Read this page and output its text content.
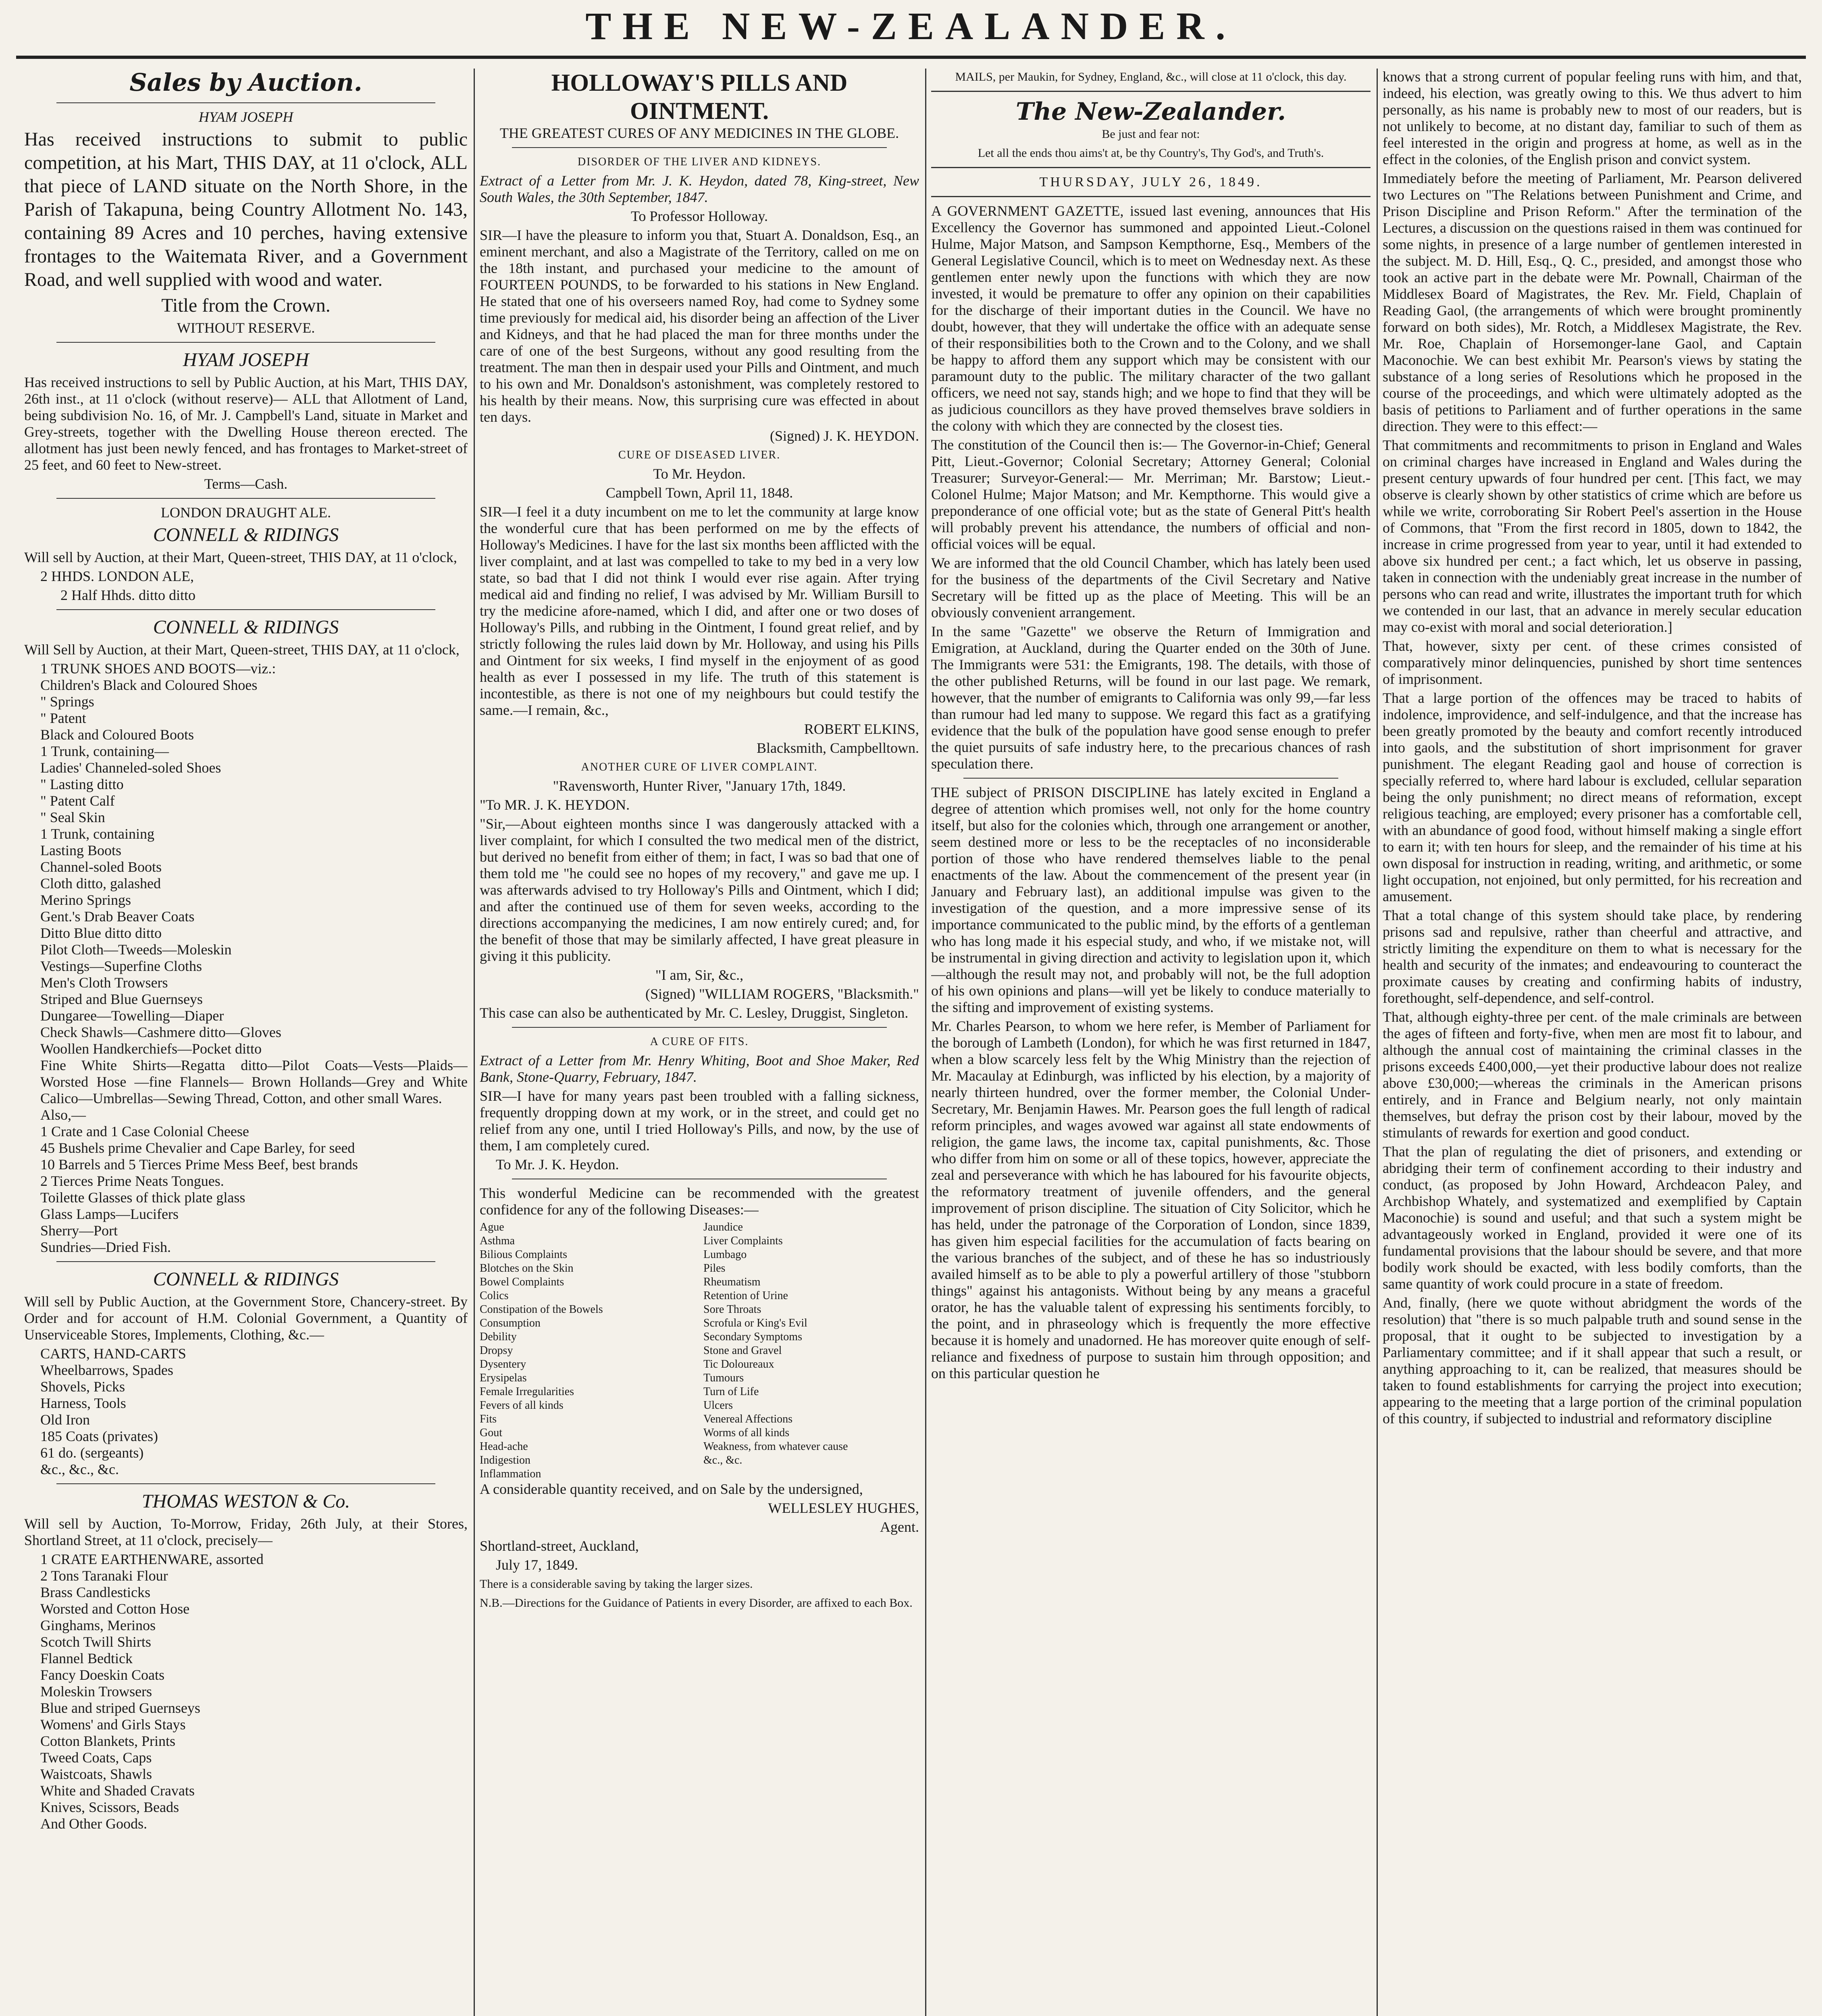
THE NEW-ZEALANDER.
Sales by Auction.

HYAM JOSEPH

Has received instructions to submit to public competition, at his Mart, THIS DAY, at 11 o'clock, ALL that piece of LAND situate on the North Shore, in the Parish of Takapuna, being Country Allotment No. 143, containing 89 Acres and 10 perches, having extensive frontages to the Waitemata River, and a Government Road, and well supplied with wood and water.

Title from the Crown.

WITHOUT RESERVE.

HYAM JOSEPH

Has received instructions to sell by Public Auction, at his Mart, THIS DAY, 26th inst., at 11 o'clock (without reserve)— ALL that Allotment of Land, being subdivision No. 16, of Mr. J. Campbell's Land, situate in Market and Grey-streets, together with the Dwelling House thereon erected. The allotment has just been newly fenced, and has frontages to Market-street of 25 feet, and 60 feet to New-street.

Terms—Cash.

LONDON DRAUGHT ALE.

CONNELL & RIDINGS

Will sell by Auction, at their Mart, Queen-street, THIS DAY, at 11 o'clock,

2 HHDS. LONDON ALE,

2 Half Hhds. ditto ditto

CONNELL & RIDINGS

Will Sell by Auction, at their Mart, Queen-street, THIS DAY, at 11 o'clock,

1 TRUNK SHOES AND BOOTS—viz.:

Children's Black and Coloured Shoes

" Springs

" Patent

Black and Coloured Boots

1 Trunk, containing—

Ladies' Channeled-soled Shoes

" Lasting ditto

" Patent Calf

" Seal Skin

1 Trunk, containing

Lasting Boots

Channel-soled Boots

Cloth ditto, galashed

Merino Springs

Gent.'s Drab Beaver Coats

Ditto Blue ditto ditto

Pilot Cloth—Tweeds—Moleskin

Vestings—Superfine Cloths

Men's Cloth Trowsers

Striped and Blue Guernseys

Dungaree—Towelling—Diaper

Check Shawls—Cashmere ditto—Gloves

Woollen Handkerchiefs—Pocket ditto

Fine White Shirts—Regatta ditto—Pilot Coats—Vests—Plaids—Worsted Hose —fine Flannels— Brown Hollands—Grey and White Calico—Umbrellas—Sewing Thread, Cotton, and other small Wares.

Also,—

1 Crate and 1 Case Colonial Cheese

45 Bushels prime Chevalier and Cape Barley, for seed

10 Barrels and 5 Tierces Prime Mess Beef, best brands

2 Tierces Prime Neats Tongues.

Toilette Glasses of thick plate glass

Glass Lamps—Lucifers

Sherry—Port

Sundries—Dried Fish.

CONNELL & RIDINGS

Will sell by Public Auction, at the Government Store, Chancery-street. By Order and for account of H.M. Colonial Government, a Quantity of Unserviceable Stores, Implements, Clothing, &c.—

CARTS, HAND-CARTS

Wheelbarrows, Spades

Shovels, Picks

Harness, Tools

Old Iron

185 Coats (privates)

61 do. (sergeants)

&c., &c., &c.

THOMAS WESTON & Co.

Will sell by Auction, To-Morrow, Friday, 26th July, at their Stores, Shortland Street, at 11 o'clock, precisely—

1 CRATE EARTHENWARE, assorted

2 Tons Taranaki Flour

Brass Candlesticks

Worsted and Cotton Hose

Ginghams, Merinos

Scotch Twill Shirts

Flannel Bedtick

Fancy Doeskin Coats

Moleskin Trowsers

Blue and striped Guernseys

Womens' and Girls Stays

Cotton Blankets, Prints

Tweed Coats, Caps

Waistcoats, Shawls

White and Shaded Cravats

Knives, Scissors, Beads

And Other Goods.

HOLLOWAY'S PILLS AND OINTMENT.

THE GREATEST CURES OF ANY MEDICINES IN THE GLOBE.

DISORDER OF THE LIVER AND KIDNEYS.

Extract of a Letter from Mr. J. K. Heydon, dated 78, King-street, New South Wales, the 30th September, 1847.

To Professor Holloway.

SIR—I have the pleasure to inform you that, Stuart A. Donaldson, Esq., an eminent merchant, and also a Magistrate of the Territory, called on me on the 18th instant, and purchased your medicine to the amount of FOURTEEN POUNDS, to be forwarded to his stations in New England. He stated that one of his overseers named Roy, had come to Sydney some time previously for medical aid, his disorder being an affection of the Liver and Kidneys, and that he had placed the man for three months under the care of one of the best Surgeons, without any good resulting from the treatment. The man then in despair used your Pills and Ointment, and much to his own and Mr. Donaldson's astonishment, was completely restored to his health by their means. Now, this surprising cure was effected in about ten days.

(Signed) J. K. HEYDON.

CURE OF DISEASED LIVER.

To Mr. Heydon.

Campbell Town, April 11, 1848.

SIR—I feel it a duty incumbent on me to let the community at large know the wonderful cure that has been performed on me by the effects of Holloway's Medicines. I have for the last six months been afflicted with the liver complaint, and at last was compelled to take to my bed in a very low state, so bad that I did not think I would ever rise again. After trying medical aid and finding no relief, I was advised by Mr. William Bursill to try the medicine afore-named, which I did, and after one or two doses of Holloway's Pills, and rubbing in the Ointment, I found great relief, and by strictly following the rules laid down by Mr. Holloway, and using his Pills and Ointment for six weeks, I find myself in the enjoyment of as good health as ever I possessed in my life. The truth of this statement is incontestible, as there is not one of my neighbours but could testify the same.—I remain, &c.,

ROBERT ELKINS,

Blacksmith, Campbelltown.

ANOTHER CURE OF LIVER COMPLAINT.

"Ravensworth, Hunter River, "January 17th, 1849.

"To MR. J. K. HEYDON.

"Sir,—About eighteen months since I was dangerously attacked with a liver complaint, for which I consulted the two medical men of the district, but derived no benefit from either of them; in fact, I was so bad that one of them told me "he could see no hopes of my recovery," and gave me up. I was afterwards advised to try Holloway's Pills and Ointment, which I did; and after the continued use of them for seven weeks, according to the directions accompanying the medicines, I am now entirely cured; and, for the benefit of those that may be similarly affected, I have great pleasure in giving it this publicity.

"I am, Sir, &c.,

(Signed) "WILLIAM ROGERS, "Blacksmith."

This case can also be authenticated by Mr. C. Lesley, Druggist, Singleton.

A CURE OF FITS.

Extract of a Letter from Mr. Henry Whiting, Boot and Shoe Maker, Red Bank, Stone-Quarry, February, 1847.

SIR—I have for many years past been troubled with a falling sickness, frequently dropping down at my work, or in the street, and could get no relief from any one, until I tried Holloway's Pills, and now, by the use of them, I am completely cured.

To Mr. J. K. Heydon.

This wonderful Medicine can be recommended with the greatest confidence for any of the following Diseases:—

Ague

Asthma

Bilious Complaints

Blotches on the Skin

Bowel Complaints

Colics

Constipation of the Bowels

Consumption

Debility

Dropsy

Dysentery

Erysipelas

Female Irregularities

Fevers of all kinds

Fits

Gout

Head-ache

Indigestion

Inflammation

Jaundice

Liver Complaints

Lumbago

Piles

Rheumatism

Retention of Urine

Sore Throats

Scrofula or King's Evil

Secondary Symptoms

Stone and Gravel

Tic Doloureaux

Tumours

Turn of Life

Ulcers

Venereal Affections

Worms of all kinds

Weakness, from whatever cause

&c., &c.

A considerable quantity received, and on Sale by the undersigned,

WELLESLEY HUGHES,

Agent.

Shortland-street, Auckland,

July 17, 1849.

There is a considerable saving by taking the larger sizes.

N.B.—Directions for the Guidance of Patients in every Disorder, are affixed to each Box.

MAILS, per Maukin, for Sydney, England, &c., will close at 11 o'clock, this day.

The New-Zealander.

Be just and fear not:

Let all the ends thou aims't at, be thy Country's, Thy God's, and Truth's.

THURSDAY, JULY 26, 1849.

A GOVERNMENT GAZETTE, issued last evening, announces that His Excellency the Governor has summoned and appointed Lieut.-Colonel Hulme, Major Matson, and Sampson Kempthorne, Esq., Members of the General Legislative Council, which is to meet on Wednesday next. As these gentlemen enter newly upon the functions with which they are now invested, it would be premature to offer any opinion on their capabilities for the discharge of their important duties in the Council. We have no doubt, however, that they will undertake the office with an adequate sense of their responsibilities both to the Crown and to the Colony, and we shall be happy to afford them any support which may be consistent with our paramount duty to the public. The military character of the two gallant officers, we need not say, stands high; and we hope to find that they will be as judicious councillors as they have proved themselves brave soldiers in the colony with which they are connected by the closest ties.

The constitution of the Council then is:— The Governor-in-Chief; General Pitt, Lieut.-Governor; Colonial Secretary; Attorney General; Colonial Treasurer; Surveyor-General:— Mr. Merriman; Mr. Barstow; Lieut.-Colonel Hulme; Major Matson; and Mr. Kempthorne. This would give a preponderance of one official vote; but as the state of General Pitt's health will probably prevent his attendance, the numbers of official and non-official voices will be equal.

We are informed that the old Council Chamber, which has lately been used for the business of the departments of the Civil Secretary and Native Secretary will be fitted up as the place of Meeting. This will be an obviously convenient arrangement.

In the same "Gazette" we observe the Return of Immigration and Emigration, at Auckland, during the Quarter ended on the 30th of June. The Immigrants were 531: the Emigrants, 198. The details, with those of the other published Returns, will be found in our last page. We remark, however, that the number of emigrants to California was only 99,—far less than rumour had led many to suppose. We regard this fact as a gratifying evidence that the bulk of the population have good sense enough to prefer the quiet pursuits of safe industry here, to the precarious chances of rash speculation there.

THE subject of PRISON DISCIPLINE has lately excited in England a degree of attention which promises well, not only for the home country itself, but also for the colonies which, through one arrangement or another, seem destined more or less to be the receptacles of no inconsiderable portion of those who have rendered themselves liable to the penal enactments of the law. About the commencement of the present year (in January and February last), an additional impulse was given to the investigation of the question, and a more impressive sense of its importance communicated to the public mind, by the efforts of a gentleman who has long made it his especial study, and who, if we mistake not, will be instrumental in giving direction and activity to legislation upon it, which—although the result may not, and probably will not, be the full adoption of his own opinions and plans—will yet be likely to conduce materially to the sifting and improvement of existing systems.

Mr. Charles Pearson, to whom we here refer, is Member of Parliament for the borough of Lambeth (London), for which he was first returned in 1847, when a blow scarcely less felt by the Whig Ministry than the rejection of Mr. Macaulay at Edinburgh, was inflicted by his election, by a majority of nearly thirteen hundred, over the former member, the Colonial Under-Secretary, Mr. Benjamin Hawes. Mr. Pearson goes the full length of radical reform principles, and wages avowed war against all state endowments of religion, the game laws, the income tax, capital punishments, &c. Those who differ from him on some or all of these topics, however, appreciate the zeal and perseverance with which he has laboured for his favourite objects, the reformatory treatment of juvenile offenders, and the general improvement of prison discipline. The situation of City Solicitor, which he has held, under the patronage of the Corporation of London, since 1839, has given him especial facilities for the accumulation of facts bearing on the various branches of the subject, and of these he has so industriously availed himself as to be able to ply a powerful artillery of those "stubborn things" against his antagonists. Without being by any means a graceful orator, he has the valuable talent of expressing his sentiments forcibly, to the point, and in phraseology which is frequently the more effective because it is homely and unadorned. He has moreover quite enough of self-reliance and fixedness of purpose to sustain him through opposition; and on this particular question he

knows that a strong current of popular feeling runs with him, and that, indeed, his election, was greatly owing to this. We thus advert to him personally, as his name is probably new to most of our readers, but is not unlikely to become, at no distant day, familiar to such of them as feel interested in the origin and progress at home, as well as in the effect in the colonies, of the English prison and convict system.

Immediately before the meeting of Parliament, Mr. Pearson delivered two Lectures on "The Relations between Punishment and Crime, and Prison Discipline and Prison Reform." After the termination of the Lectures, a discussion on the questions raised in them was continued for some nights, in presence of a large number of gentlemen interested in the subject. M. D. Hill, Esq., Q. C., presided, and amongst those who took an active part in the debate were Mr. Pownall, Chairman of the Middlesex Board of Magistrates, the Rev. Mr. Field, Chaplain of Reading Gaol, (the arrangements of which were brought prominently forward on both sides), Mr. Rotch, a Middlesex Magistrate, the Rev. Mr. Roe, Chaplain of Horsemonger-lane Gaol, and Captain Maconochie. We can best exhibit Mr. Pearson's views by stating the substance of a long series of Resolutions which he proposed in the course of the proceedings, and which were ultimately adopted as the basis of petitions to Parliament and of further operations in the same direction. They were to this effect:—

That commitments and recommitments to prison in England and Wales on criminal charges have increased in England and Wales during the present century upwards of four hundred per cent. [This fact, we may observe is clearly shown by other statistics of crime which are before us while we write, corroborating Sir Robert Peel's assertion in the House of Commons, that "From the first record in 1805, down to 1842, the increase in crime progressed from year to year, until it had extended to above six hundred per cent.; a fact which, let us observe in passing, taken in connection with the undeniably great increase in the number of persons who can read and write, illustrates the important truth for which we contended in our last, that an advance in merely secular education may co-exist with moral and social deterioration.]

That, however, sixty per cent. of these crimes consisted of comparatively minor delinquencies, punished by short time sentences of imprisonment.

That a large portion of the offences may be traced to habits of indolence, improvidence, and self-indulgence, and that the increase has been greatly promoted by the beauty and comfort recently introduced into gaols, and the substitution of short imprisonment for graver punishment. The elegant Reading gaol and house of correction is specially referred to, where hard labour is excluded, cellular separation being the only punishment; no direct means of reformation, except religious teaching, are employed; every prisoner has a comfortable cell, with an abundance of good food, without himself making a single effort to earn it; with ten hours for sleep, and the remainder of his time at his own disposal for instruction in reading, writing, and arithmetic, or some light occupation, not enjoined, but only permitted, for his recreation and amusement.

That a total change of this system should take place, by rendering prisons sad and repulsive, rather than cheerful and attractive, and strictly limiting the expenditure on them to what is necessary for the health and security of the inmates; and endeavouring to counteract the proximate causes by creating and confirming habits of industry, forethought, self-dependence, and self-control.

That, although eighty-three per cent. of the male criminals are between the ages of fifteen and forty-five, when men are most fit to labour, and although the annual cost of maintaining the criminal classes in the prisons exceeds £400,000,—yet their productive labour does not realize above £30,000;—whereas the criminals in the American prisons entirely, and in France and Belgium nearly, not only maintain themselves, but defray the prison cost by their labour, moved by the stimulants of rewards for exertion and good conduct.

That the plan of regulating the diet of prisoners, and extending or abridging their term of confinement according to their industry and conduct, (as proposed by John Howard, Archdeacon Paley, and Archbishop Whately, and systematized and exemplified by Captain Maconochie) is sound and useful; and that such a system might be advantageously worked in England, provided it were one of its fundamental provisions that the labour should be severe, and that more bodily work should be exacted, with less bodily comforts, than the same quantity of work could procure in a state of freedom.

And, finally, (here we quote without abridgment the words of the resolution) that "there is so much palpable truth and sound sense in the proposal, that it ought to be subjected to investigation by a Parliamentary committee; and if it shall appear that such a result, or anything approaching to it, can be realized, that measures should be taken to found establishments for carrying the project into execution; appearing to the meeting that a large portion of the criminal population of this country, if subjected to industrial and reformatory discipline
